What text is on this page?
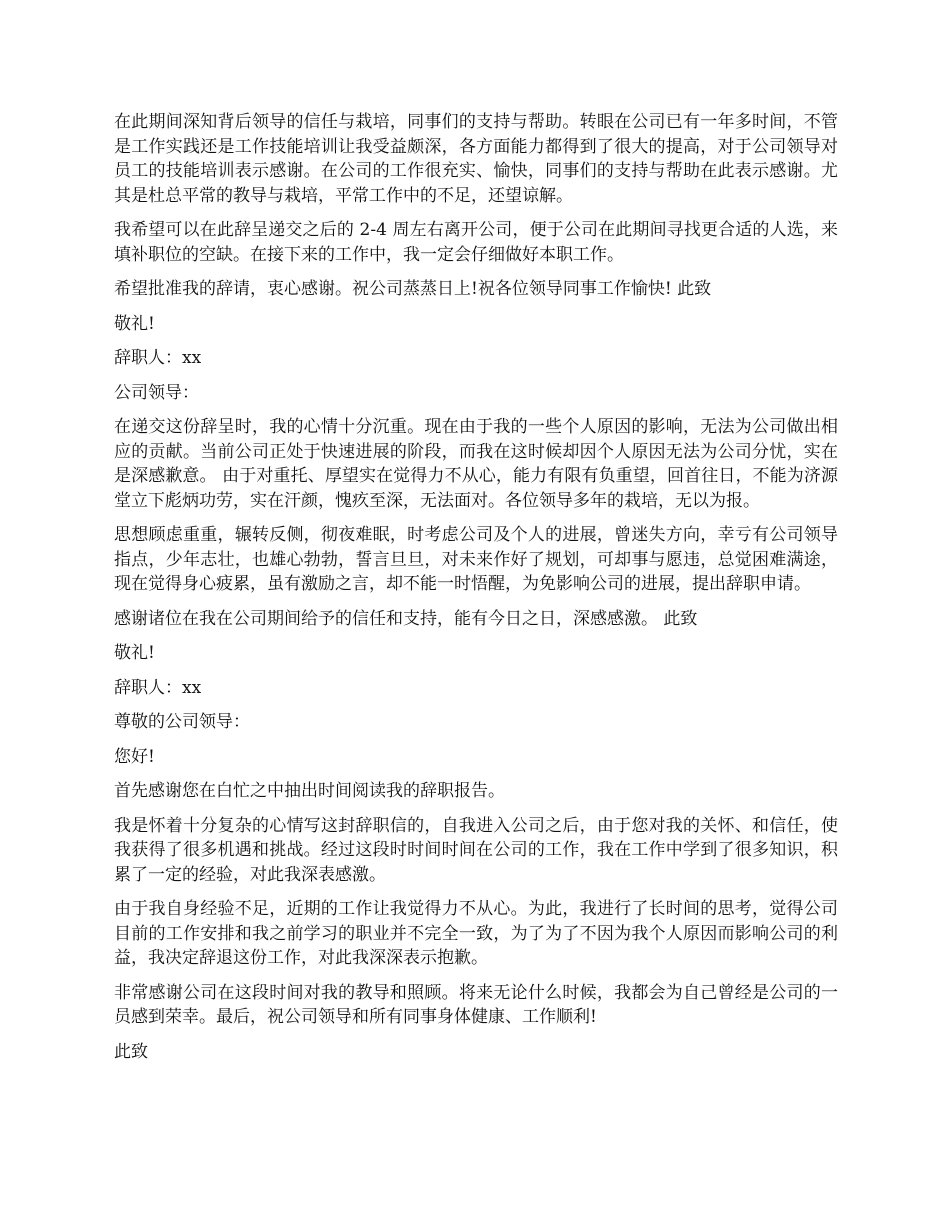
在此期间深知背后领导的信任与栽培，同事们的支持与帮助。转眼在公司已有一年多时间，不管是工作实践还是工作技能培训让我受益颇深，各方面能力都得到了很大的提高，对于公司领导对员工的技能培训表示感谢。在公司的工作很充实、愉快，同事们的支持与帮助在此表示感谢。尤其是杜总平常的教导与栽培，平常工作中的不足，还望谅解。

我希望可以在此辞呈递交之后的 2-4 周左右离开公司，便于公司在此期间寻找更合适的人选，来填补职位的空缺。在接下来的工作中，我一定会仔细做好本职工作。

希望批准我的辞请，衷心感谢。祝公司蒸蒸日上!祝各位领导同事工作愉快! 此致

敬礼!

辞职人：xx

公司领导：

在递交这份辞呈时，我的心情十分沉重。现在由于我的一些个人原因的影响，无法为公司做出相应的贡献。当前公司正处于快速进展的阶段，而我在这时候却因个人原因无法为公司分忧，实在是深感歉意。 由于对重托、厚望实在觉得力不从心，能力有限有负重望，回首往日，不能为济源堂立下彪炳功劳，实在汗颜，愧疚至深，无法面对。各位领导多年的栽培，无以为报。

思想顾虑重重，辗转反侧，彻夜难眠，时考虑公司及个人的进展，曾迷失方向，幸亏有公司领导指点，少年志壮，也雄心勃勃，誓言旦旦，对未来作好了规划，可却事与愿违，总觉困难满途，现在觉得身心疲累，虽有激励之言，却不能一时悟醒，为免影响公司的进展，提出辞职申请。

感谢诸位在我在公司期间给予的信任和支持，能有今日之日，深感感激。 此致

敬礼!

辞职人：xx

尊敬的公司领导：

您好!

首先感谢您在白忙之中抽出时间阅读我的辞职报告。

我是怀着十分复杂的心情写这封辞职信的，自我进入公司之后，由于您对我的关怀、和信任，使我获得了很多机遇和挑战。经过这段时时间时间在公司的工作，我在工作中学到了很多知识，积累了一定的经验，对此我深表感激。

由于我自身经验不足，近期的工作让我觉得力不从心。为此，我进行了长时间的思考，觉得公司目前的工作安排和我之前学习的职业并不完全一致，为了为了不因为我个人原因而影响公司的利益，我决定辞退这份工作，对此我深深表示抱歉。

非常感谢公司在这段时间对我的教导和照顾。将来无论什么时候，我都会为自己曾经是公司的一员感到荣幸。最后，祝公司领导和所有同事身体健康、工作顺利!

此致
